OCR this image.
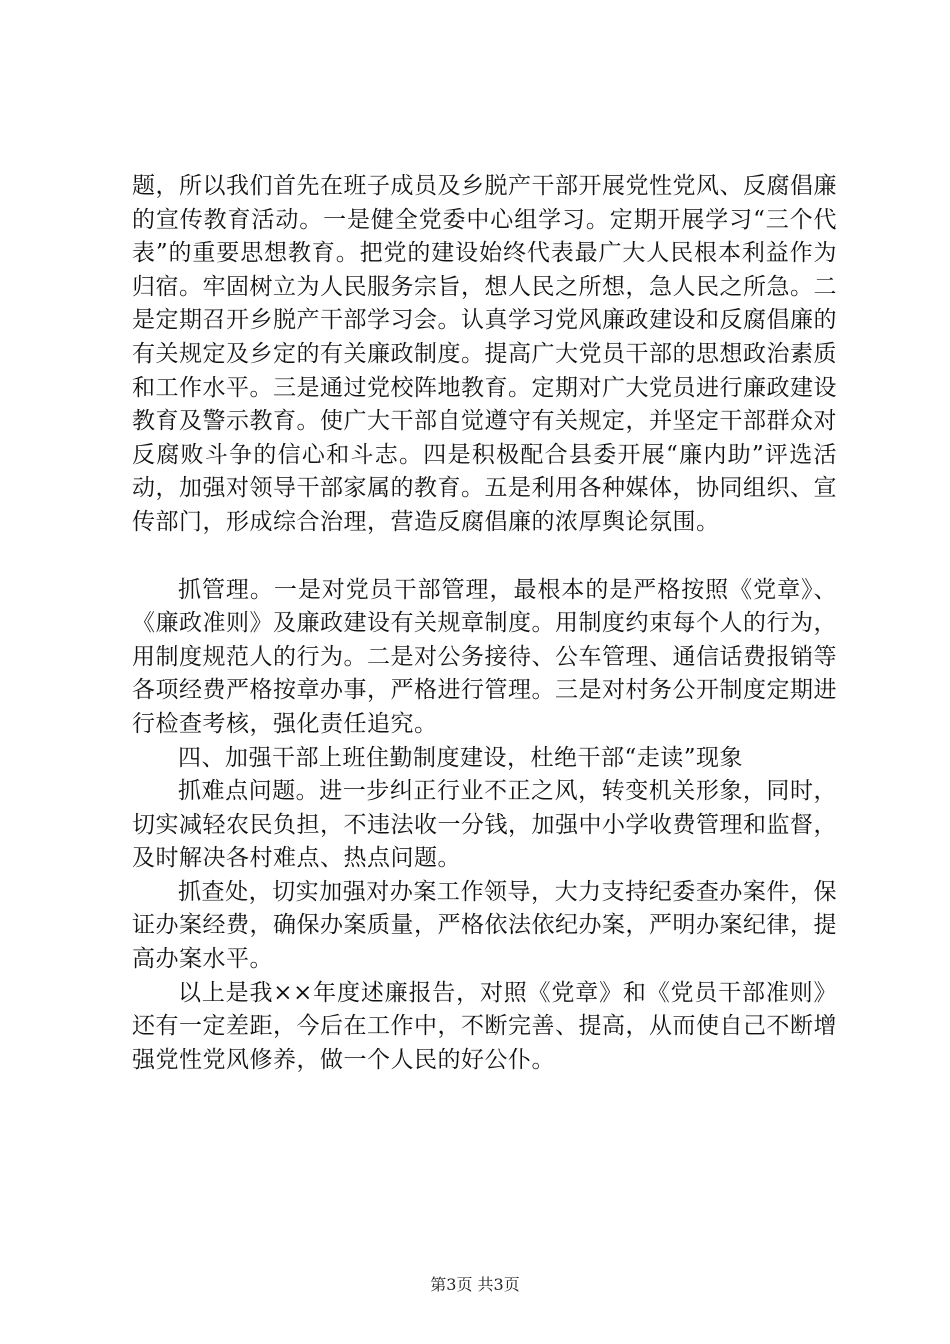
题，所以我们首先在班子成员及乡脱产干部开展党性党风、反腐倡廉的宣传教育活动。一是健全党委中心组学习。定期开展学习“三个代表”的重要思想教育。把党的建设始终代表最广大人民根本利益作为归宿。牢固树立为人民服务宗旨，想人民之所想，急人民之所急。二是定期召开乡脱产干部学习会。认真学习党风廉政建设和反腐倡廉的有关规定及乡定的有关廉政制度。提高广大党员干部的思想政治素质和工作水平。三是通过党校阵地教育。定期对广大党员进行廉政建设教育及警示教育。使广大干部自觉遵守有关规定，并坚定干部群众对反腐败斗争的信心和斗志。四是积极配合县委开展“廉内助”评选活动，加强对领导干部家属的教育。五是利用各种媒体，协同组织、宣传部门，形成综合治理，营造反腐倡廉的浓厚舆论氛围。

抓管理。一是对党员干部管理，最根本的是严格按照《党章》、《廉政准则》及廉政建设有关规章制度。用制度约束每个人的行为，用制度规范人的行为。二是对公务接待、公车管理、通信话费报销等各项经费严格按章办事，严格进行管理。三是对村务公开制度定期进行检查考核，强化责任追究。

四、加强干部上班住勤制度建设，杜绝干部“走读”现象

抓难点问题。进一步纠正行业不正之风，转变机关形象，同时，切实减轻农民负担，不违法收一分钱，加强中小学收费管理和监督，及时解决各村难点、热点问题。

抓查处，切实加强对办案工作领导，大力支持纪委查办案件，保证办案经费，确保办案质量，严格依法依纪办案，严明办案纪律，提高办案水平。

以上是我××年度述廉报告，对照《党章》和《党员干部准则》还有一定差距，今后在工作中，不断完善、提高，从而使自己不断增强党性党风修养，做一个人民的好公仆。

第3页 共3页
